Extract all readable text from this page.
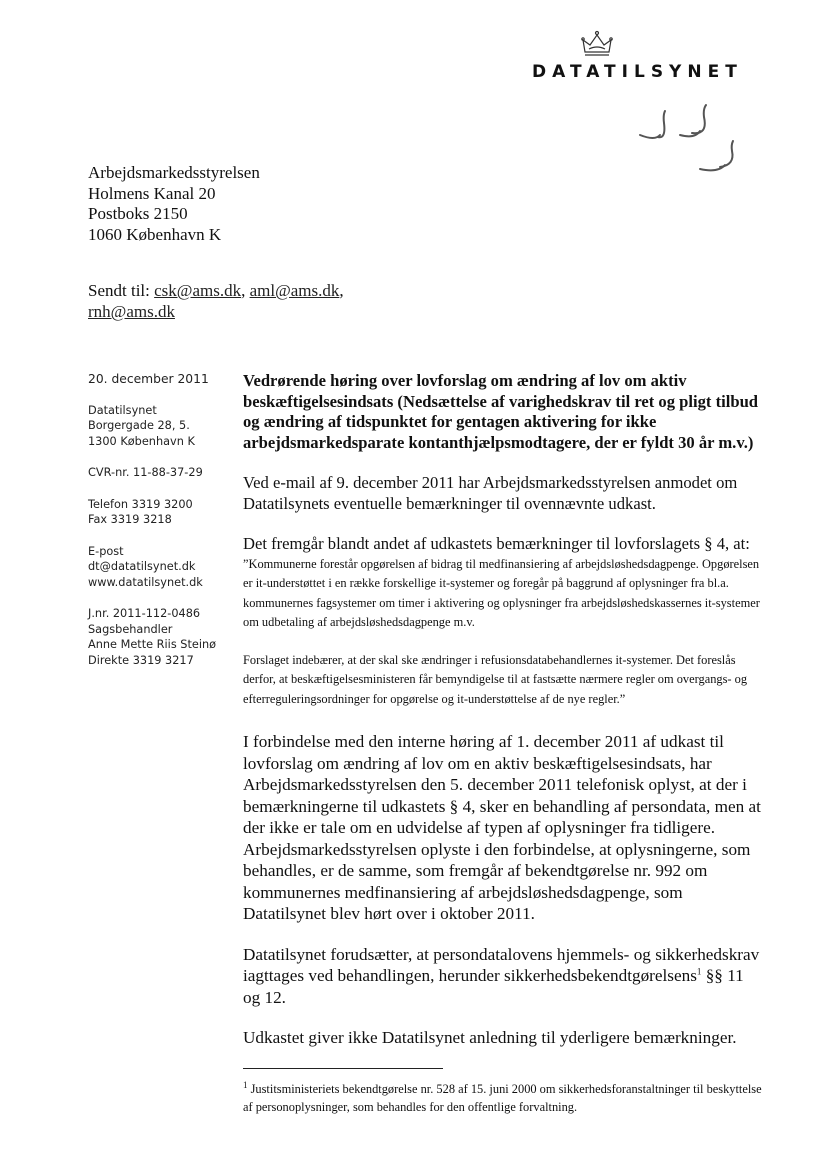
DATATILSYNET
Arbejdsmarkedsstyrelsen
Holmens Kanal 20
Postboks 2150
1060 København K
Sendt til: csk@ams.dk, aml@ams.dk,
rnh@ams.dk
20. december 2011
Datatilsynet
Borgergade 28, 5.
1300 København K
CVR-nr. 11-88-37-29
Telefon 3319 3200
Fax 3319 3218
E-post
dt@datatilsynet.dk
www.datatilsynet.dk
J.nr. 2011-112-0486
Sagsbehandler
Anne Mette Riis Steinø
Direkte 3319 3217

Vedrørende høring over lovforslag om ændring af lov om aktiv beskæftigelsesindsats (Nedsættelse af varighedskrav til ret og pligt tilbud og ændring af tidspunktet for gentagen aktivering for ikke arbejdsmarkedsparate kontanthjælpsmodtagere, der er fyldt 30 år m.v.)

Ved e-mail af 9. december 2011 har Arbejdsmarkedsstyrelsen anmodet om Datatilsynets eventuelle bemærkninger til ovennævnte udkast.

Det fremgår blandt andet af udkastets bemærkninger til lovforslagets § 4, at:

”Kommunerne forestår opgørelsen af bidrag til medfinansiering af arbejdsløshedsdagpenge. Opgørelsen er it-understøttet i en række forskellige it-systemer og foregår på baggrund af oplysninger fra bl.a. kommunernes fagsystemer om timer i aktivering og oplysninger fra arbejdsløshedskassernes it-systemer om udbetaling af arbejdsløshedsdagpenge m.v.

Forslaget indebærer, at der skal ske ændringer i refusionsdatabehandlernes it-systemer. Det foreslås derfor, at beskæftigelsesministeren får bemyndigelse til at fastsætte nærmere regler om overgangs- og efterreguleringsordninger for opgørelse og it-understøttelse af de nye regler.”

I forbindelse med den interne høring af 1. december 2011 af udkast til lovforslag om ændring af lov om en aktiv beskæftigelsesindsats, har Arbejdsmarkedsstyrelsen den 5. december 2011 telefonisk oplyst, at der i bemærkningerne til udkastets § 4, sker en behandling af persondata, men at der ikke er tale om en udvidelse af typen af oplysninger fra tidligere. Arbejdsmarkedsstyrelsen oplyste i den forbindelse, at oplysningerne, som behandles, er de samme, som fremgår af bekendtgørelse nr. 992 om kommunernes medfinansiering af arbejdsløshedsdagpenge, som Datatilsynet blev hørt over i oktober 2011.

Datatilsynet forudsætter, at persondatalovens hjemmels- og sikkerhedskrav iagttages ved behandlingen, herunder sikkerhedsbekendtgørelsens$^1$ §§ 11 og 12.

Udkastet giver ikke Datatilsynet anledning til yderligere bemærkninger.

$^1$ Justitsministeriets bekendtgørelse nr. 528 af 15. juni 2000 om sikkerhedsforanstaltninger til beskyttelse af personoplysninger, som behandles for den offentlige forvaltning.
